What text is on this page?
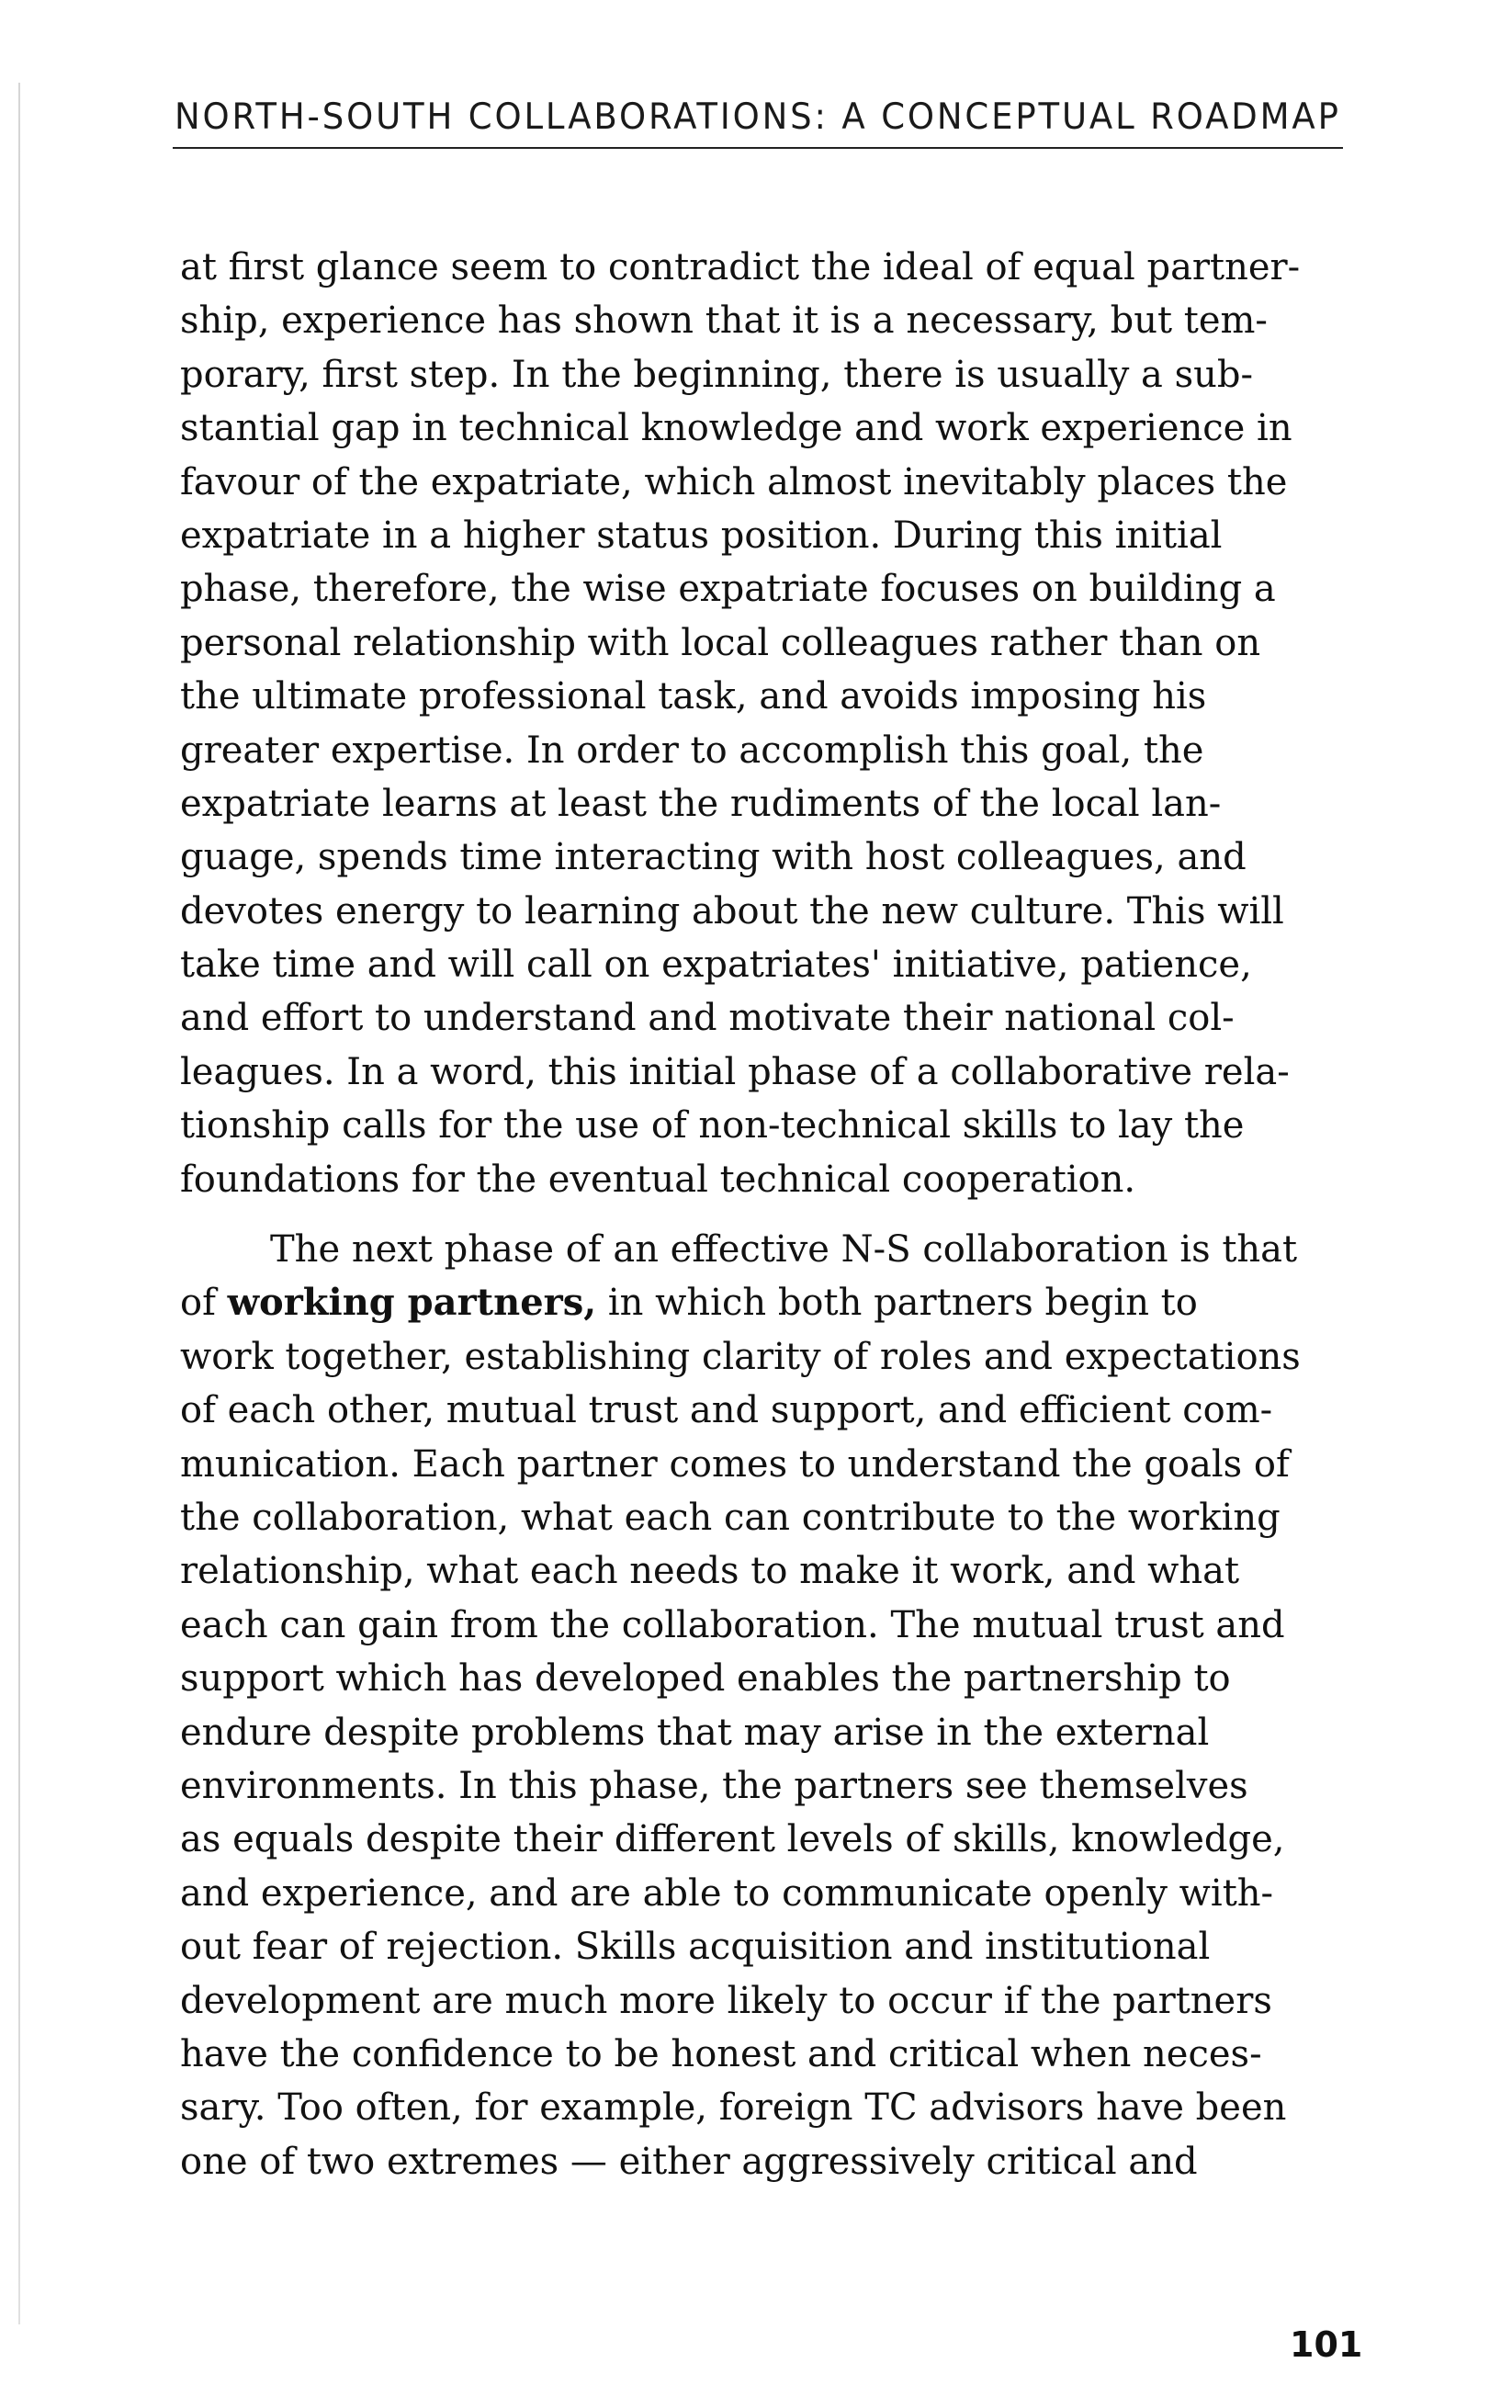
NORTH-SOUTH COLLABORATIONS: A CONCEPTUAL ROADMAP
at first glance seem to contradict the ideal of equal partner-
ship, experience has shown that it is a necessary, but tem-
porary, first step. In the beginning, there is usually a sub-
stantial gap in technical knowledge and work experience in
favour of the expatriate, which almost inevitably places the
expatriate in a higher status position. During this initial
phase, therefore, the wise expatriate focuses on building a
personal relationship with local colleagues rather than on
the ultimate professional task, and avoids imposing his
greater expertise. In order to accomplish this goal, the
expatriate learns at least the rudiments of the local lan-
guage, spends time interacting with host colleagues, and
devotes energy to learning about the new culture. This will
take time and will call on expatriates' initiative, patience,
and effort to understand and motivate their national col-
leagues. In a word, this initial phase of a collaborative rela-
tionship calls for the use of non-technical skills to lay the
foundations for the eventual technical cooperation.
The next phase of an effective N-S collaboration is that
of working partners, in which both partners begin to
work together, establishing clarity of roles and expectations
of each other, mutual trust and support, and efficient com-
munication. Each partner comes to understand the goals of
the collaboration, what each can contribute to the working
relationship, what each needs to make it work, and what
each can gain from the collaboration. The mutual trust and
support which has developed enables the partnership to
endure despite problems that may arise in the external
environments. In this phase, the partners see themselves
as equals despite their different levels of skills, knowledge,
and experience, and are able to communicate openly with-
out fear of rejection. Skills acquisition and institutional
development are much more likely to occur if the partners
have the confidence to be honest and critical when neces-
sary. Too often, for example, foreign TC advisors have been
one of two extremes — either aggressively critical and
101
